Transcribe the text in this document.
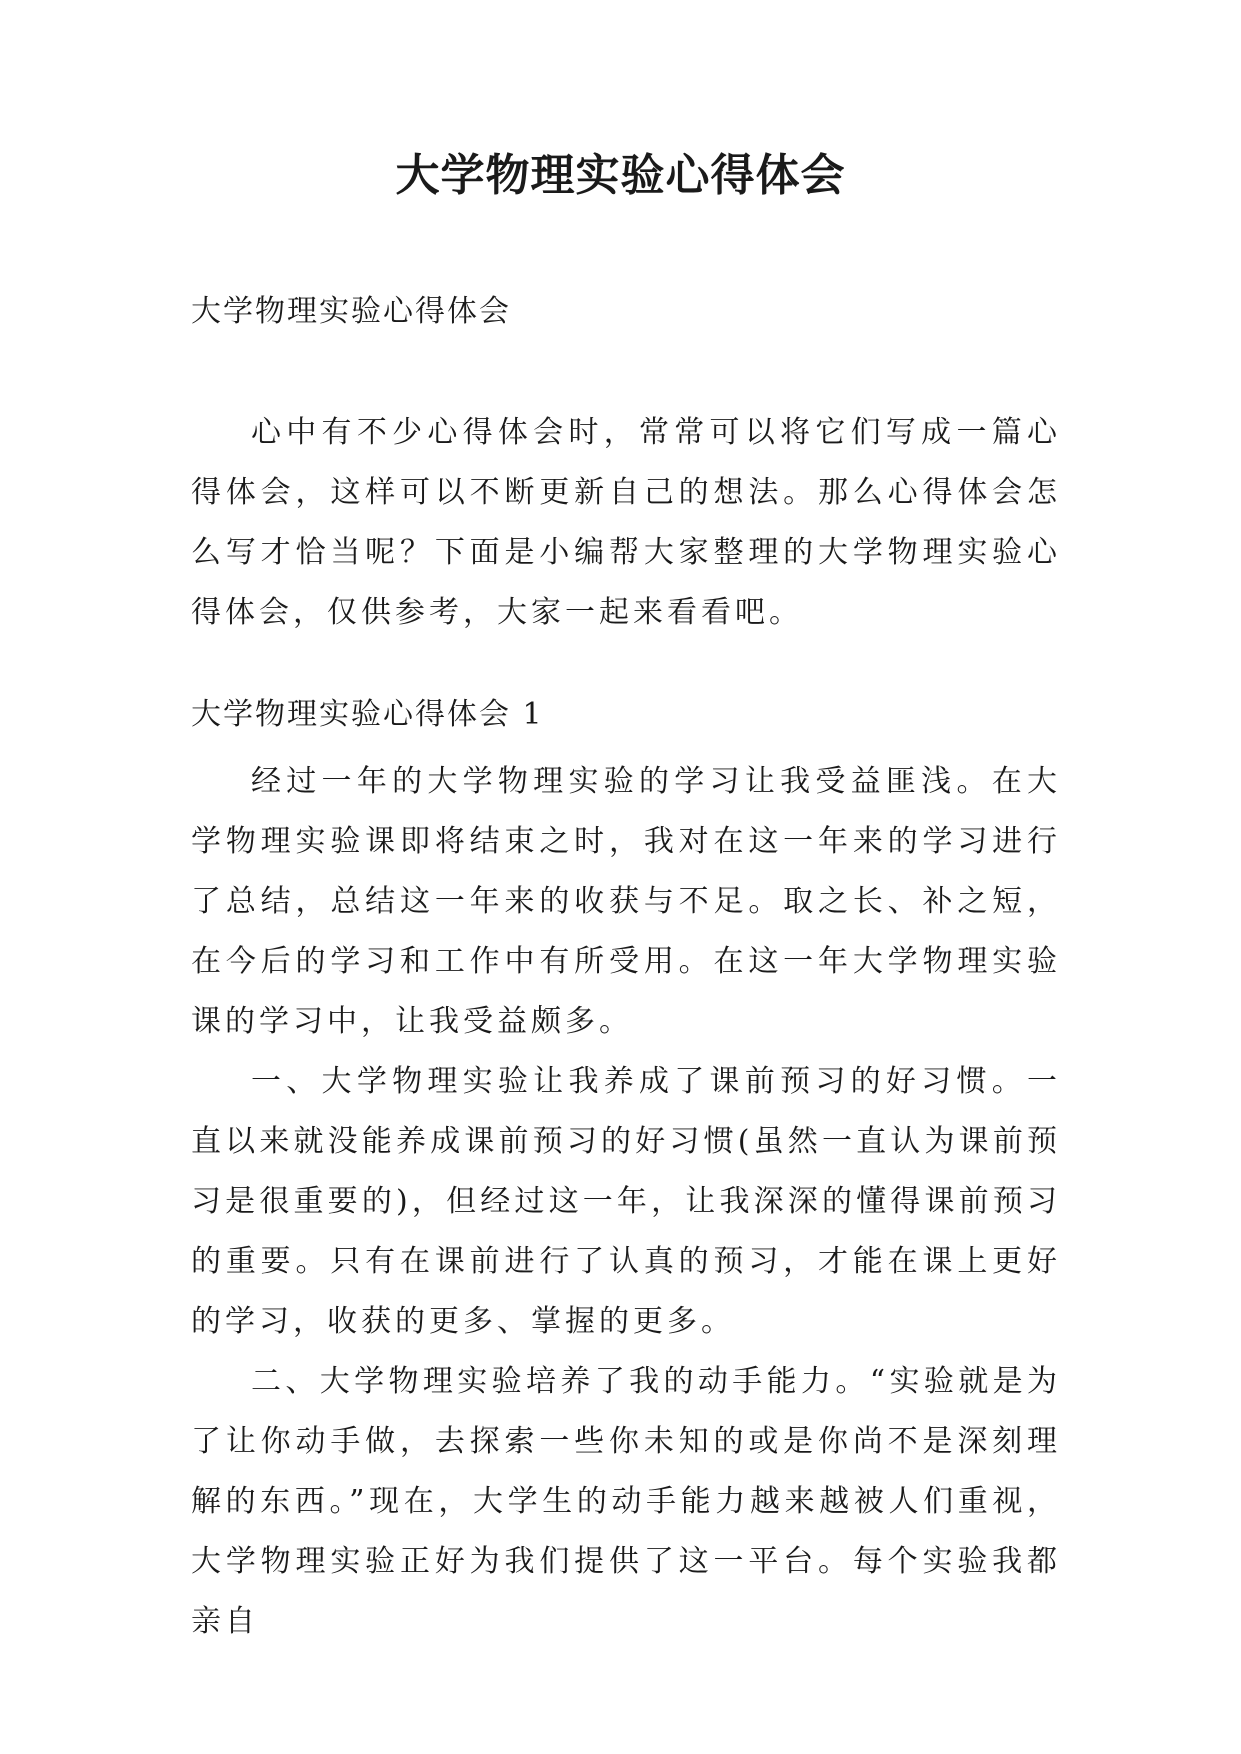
大学物理实验心得体会
大学物理实验心得体会

心中有不少心得体会时，常常可以将它们写成一篇心得体会，这样可以不断更新自己的想法。那么心得体会怎么写才恰当呢？下面是小编帮大家整理的大学物理实验心得体会，仅供参考，大家一起来看看吧。

大学物理实验心得体会 1

经过一年的大学物理实验的学习让我受益匪浅。在大学物理实验课即将结束之时，我对在这一年来的学习进行了总结，总结这一年来的收获与不足。取之长、补之短，在今后的学习和工作中有所受用。在这一年大学物理实验课的学习中，让我受益颇多。

一、大学物理实验让我养成了课前预习的好习惯。一直以来就没能养成课前预习的好习惯(虽然一直认为课前预习是很重要的)，但经过这一年，让我深深的懂得课前预习的重要。只有在课前进行了认真的预习，才能在课上更好的学习，收获的更多、掌握的更多。

二、大学物理实验培养了我的动手能力。“实验就是为了让你动手做，去探索一些你未知的或是你尚不是深刻理解的东西。”现在，大学生的动手能力越来越被人们重视，大学物理实验正好为我们提供了这一平台。每个实验我都亲自
